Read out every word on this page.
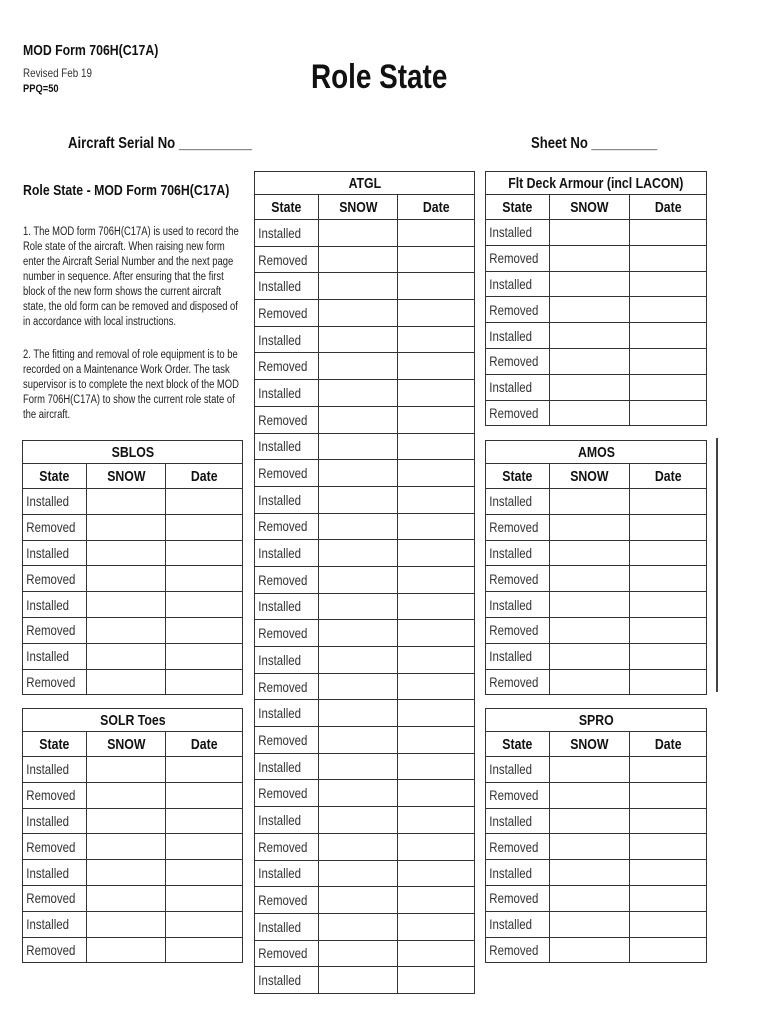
MOD Form 706H(C17A)
Revised Feb 19
PPQ=50	Role State
Aircraft Serial No __________	Sheet No _________
Role State - MOD Form 706H(C17A)

1. The MOD form 706H(C17A) is used to record the Role state of the aircraft. When raising new form enter the Aircraft Serial Number and the next page number in sequence. After ensuring that the first block of the new form shows the current aircraft state, the old form can be removed and disposed of in accordance with local instructions.

2. The fitting and removal of role equipment is to be recorded on a Maintenance Work Order. The task supervisor is to complete the next block of the MOD Form 706H(C17A) to show the current role state of the aircraft.

SBLOS		
State	SNOW	Date
Installed		
Removed		
Installed		
Removed		
Installed		
Removed		
Installed		
Removed		
SOLR Toes		
State	SNOW	Date
Installed		
Removed		
Installed		
Removed		
Installed		
Removed		
Installed		
Removed		
ATGL		
State	SNOW	Date
Installed		
Removed		
Installed		
Removed		
Installed		
Removed		
Installed		
Removed		
Installed		
Removed		
Installed		
Removed		
Installed		
Removed		
Installed		
Removed		
Installed		
Removed		
Installed		
Removed		
Installed		
Removed		
Installed		
Removed		
Installed		
Removed		
Installed		
Removed		
Installed		
Flt Deck Armour (incl LACON)		
State	SNOW	Date
Installed		
Removed		
Installed		
Removed		
Installed		
Removed		
Installed		
Removed		
AMOS		
State	SNOW	Date
Installed		
Removed		
Installed		
Removed		
Installed		
Removed		
Installed		
Removed		
SPRO		
State	SNOW	Date
Installed		
Removed		
Installed		
Removed		
Installed		
Removed		
Installed		
Removed		
